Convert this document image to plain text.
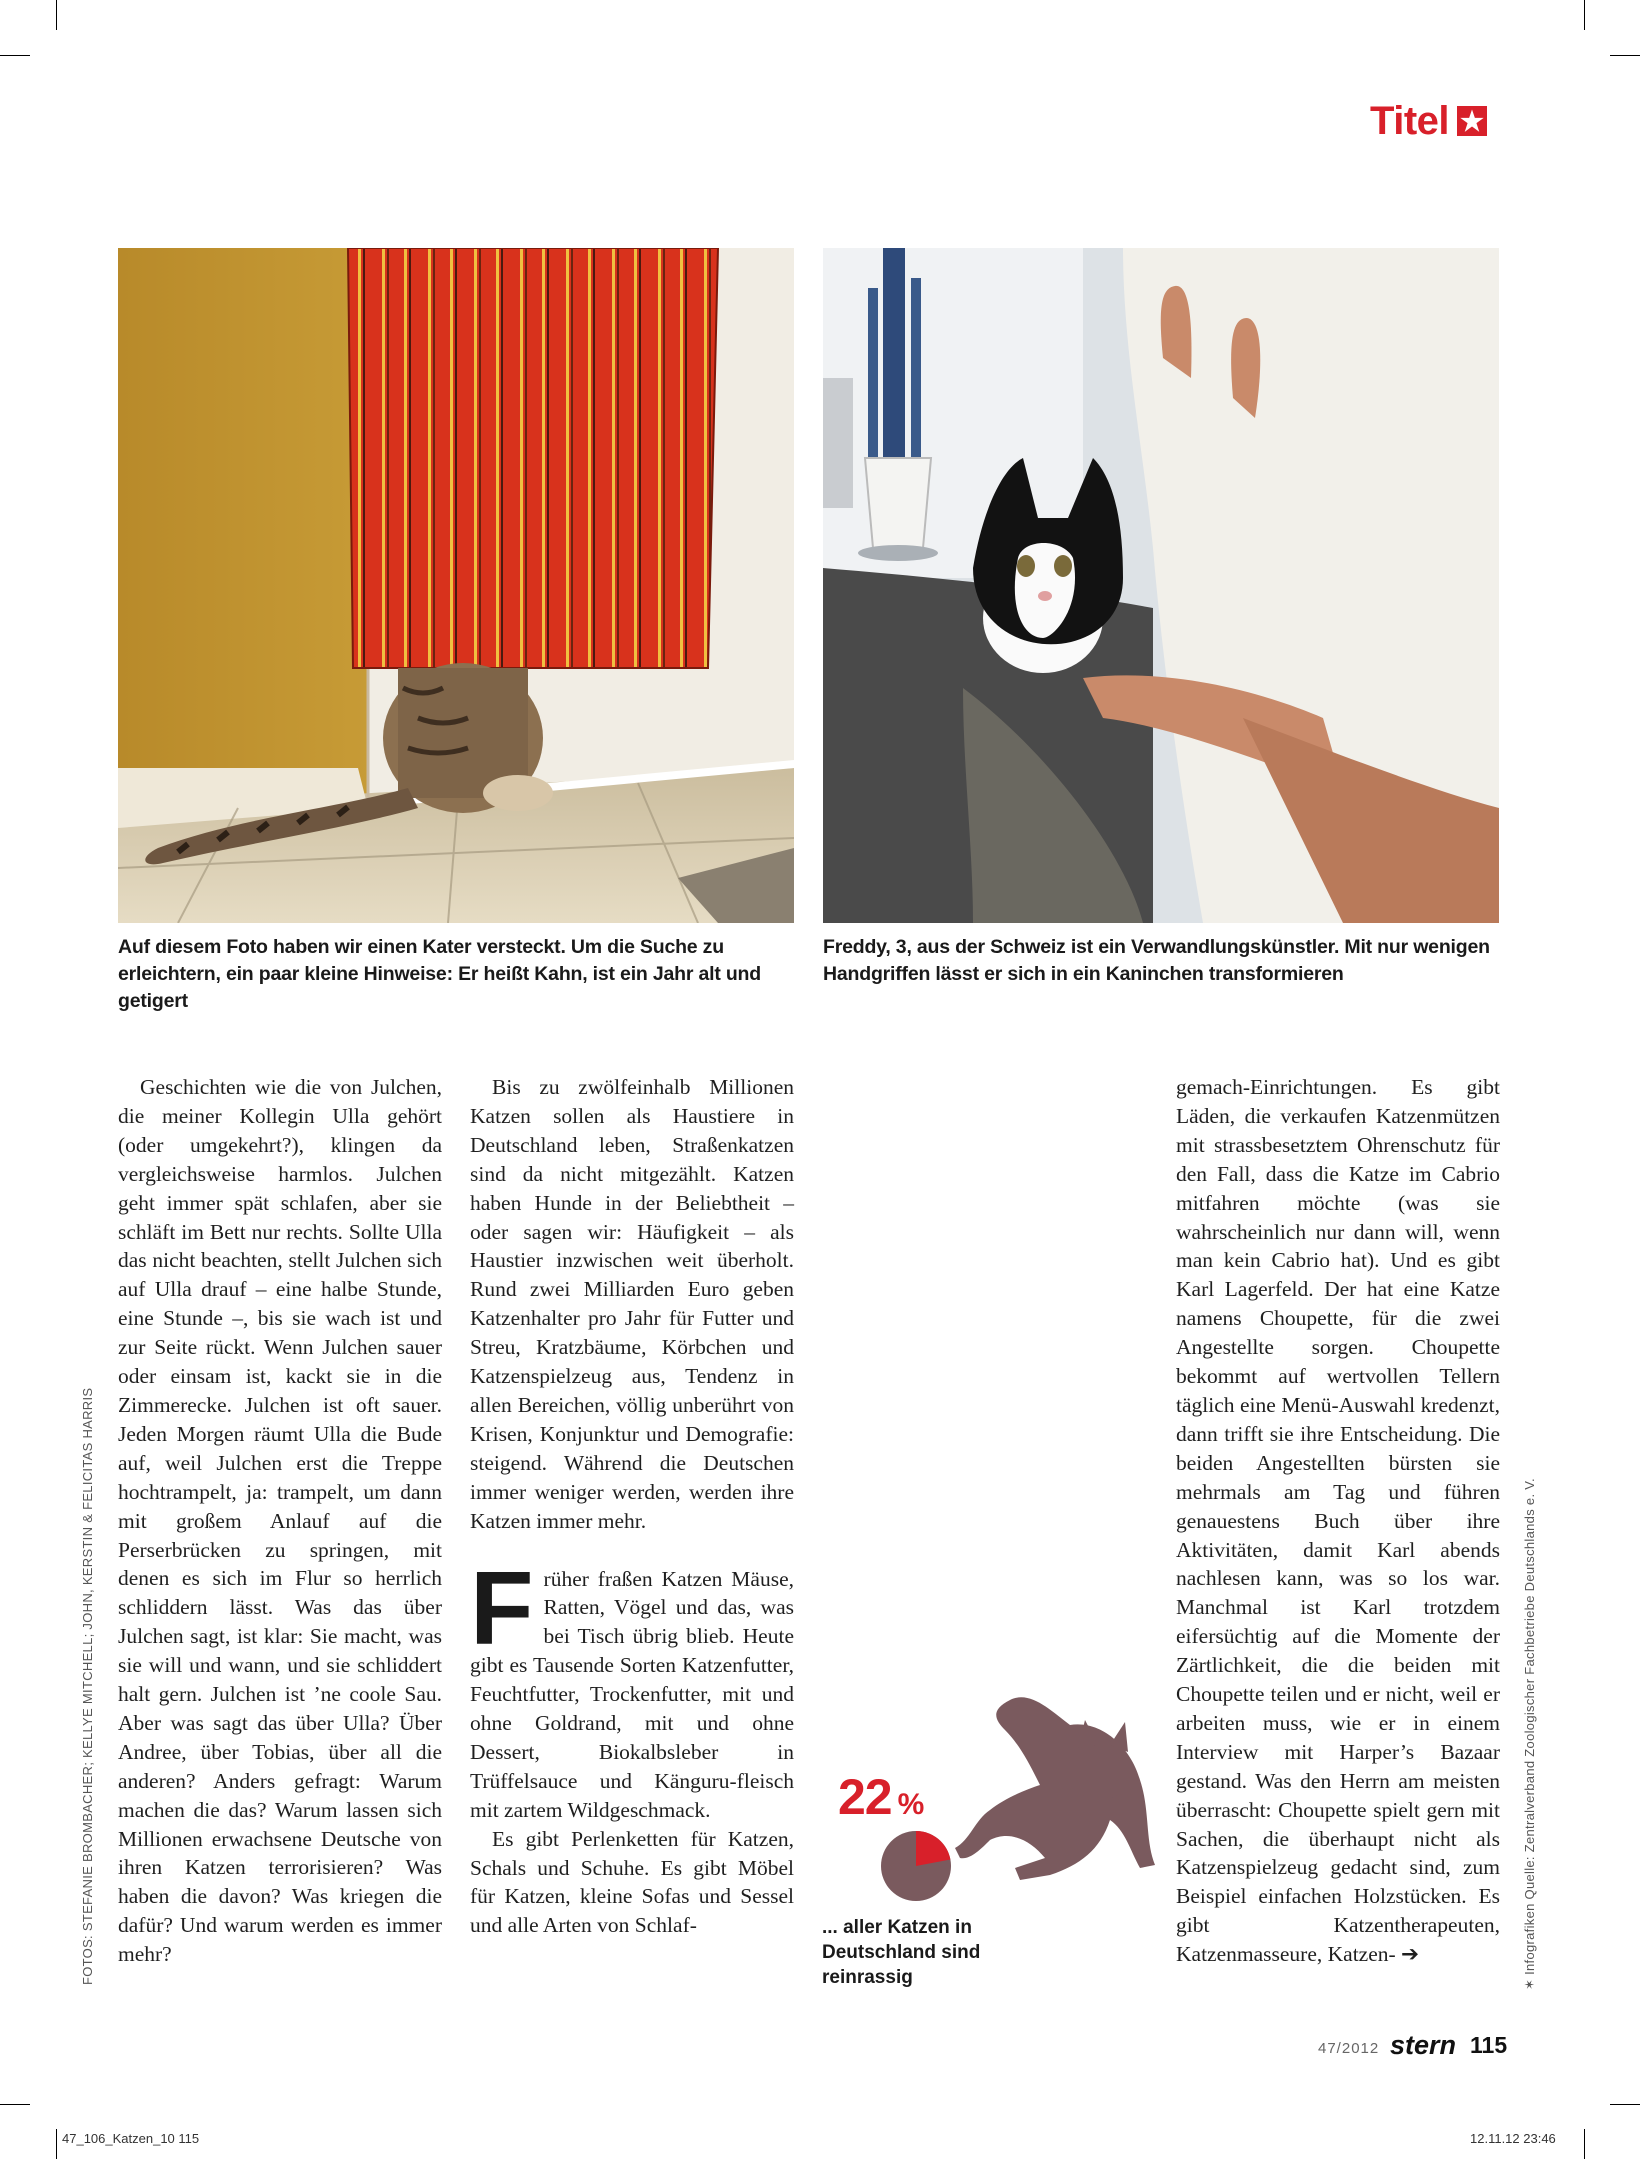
Titel
Auf diesem Foto haben wir einen Kater versteckt. Um die Suche zu erleichtern, ein paar kleine Hinweise: Er heißt Kahn, ist ein Jahr alt und getigert
Freddy, 3, aus der Schweiz ist ein Verwandlungskünstler. Mit nur wenigen Handgriffen lässt er sich in ein Kaninchen transformieren
FOTOS: STEFANIE BROMBACHER; KELLYE MITCHELL; JOHN, KERSTIN & FELICITAS HARRIS

Geschichten wie die von Julchen, die meiner Kollegin Ulla gehört (oder umgekehrt?), klingen da vergleichsweise harmlos. Julchen geht immer spät schlafen, aber sie schläft im Bett nur rechts. Sollte Ulla das nicht beachten, stellt Julchen sich auf Ulla drauf – eine halbe Stunde, eine Stunde –, bis sie wach ist und zur Seite rückt. Wenn Julchen sauer oder einsam ist, kackt sie in die Zimmerecke. Julchen ist oft sauer. Jeden Morgen räumt Ulla die Bude auf, weil Julchen erst die Treppe hochtrampelt, ja: trampelt, um dann mit großem Anlauf auf die Perserbrücken zu springen, mit denen es sich im Flur so herrlich schliddern lässt. Was das über Julchen sagt, ist klar: Sie macht, was sie will und wann, und sie schliddert halt gern. Julchen ist ’ne coole Sau. Aber was sagt das über Ulla? Über Andree, über Tobias, über all die anderen? Anders gefragt: Warum machen die das? Warum lassen sich Millionen erwachsene Deutsche von ihren Katzen terrorisieren? Was haben die davon? Was kriegen die dafür? Und warum werden es immer mehr?

Bis zu zwölfeinhalb Millionen Katzen sollen als Haustiere in Deutschland leben, Straßenkatzen sind da nicht mitgezählt. Katzen haben Hunde in der Beliebtheit – oder sagen wir: Häufigkeit – als Haustier inzwischen weit überholt. Rund zwei Milliarden Euro geben Katzenhalter pro Jahr für Futter und Streu, Kratzbäume, Körbchen und Katzenspielzeug aus, Tendenz in allen Bereichen, völlig unberührt von Krisen, Konjunktur und Demografie: steigend. Während die Deutschen immer weniger werden, werden ihre Katzen immer mehr.

Früher fraßen Katzen Mäuse, Ratten, Vögel und das, was bei Tisch übrig blieb. Heute gibt es Tausende Sorten Katzenfutter, Feuchtfutter, Trockenfutter, mit und ohne Goldrand, mit und ohne Dessert, Biokalbsleber in Trüffelsauce und Känguru-fleisch mit zartem Wildgeschmack.

Es gibt Perlenketten für Katzen, Schals und Schuhe. Es gibt Möbel für Katzen, kleine Sofas und Sessel und alle Arten von Schlaf-

22 %
... aller Katzen in Deutschland sind reinrassig	✶ Infografiken Quelle: Zentralverband Zoologischer Fachbetriebe Deutschlands e. V.

gemach-Einrichtungen. Es gibt Läden, die verkaufen Katzenmützen mit strassbesetztem Ohrenschutz für den Fall, dass die Katze im Cabrio mitfahren möchte (was sie wahrscheinlich nur dann will, wenn man kein Cabrio hat). Und es gibt Karl Lagerfeld. Der hat eine Katze namens Choupette, für die zwei Angestellte sorgen. Choupette bekommt auf wertvollen Tellern täglich eine Menü-Auswahl kredenzt, dann trifft sie ihre Entscheidung. Die beiden Angestellten bürsten sie mehrmals am Tag und führen genauestens Buch über ihre Aktivitäten, damit Karl abends nachlesen kann, was so los war. Manchmal ist Karl trotzdem eifersüchtig auf die Momente der Zärtlichkeit, die die beiden mit Choupette teilen und er nicht, weil er arbeiten muss, wie er in einem Interview mit Harper’s Bazaar gestand. Was den Herrn am meisten überrascht: Choupette spielt gern mit Sachen, die überhaupt nicht als Katzenspielzeug gedacht sind, zum Beispiel einfachen Holzstücken. Es gibt Katzentherapeuten, Katzenmasseure, Katzen- ➔

47/2012 stern 115
47_106_Katzen_10 115	12.11.12 23:46
